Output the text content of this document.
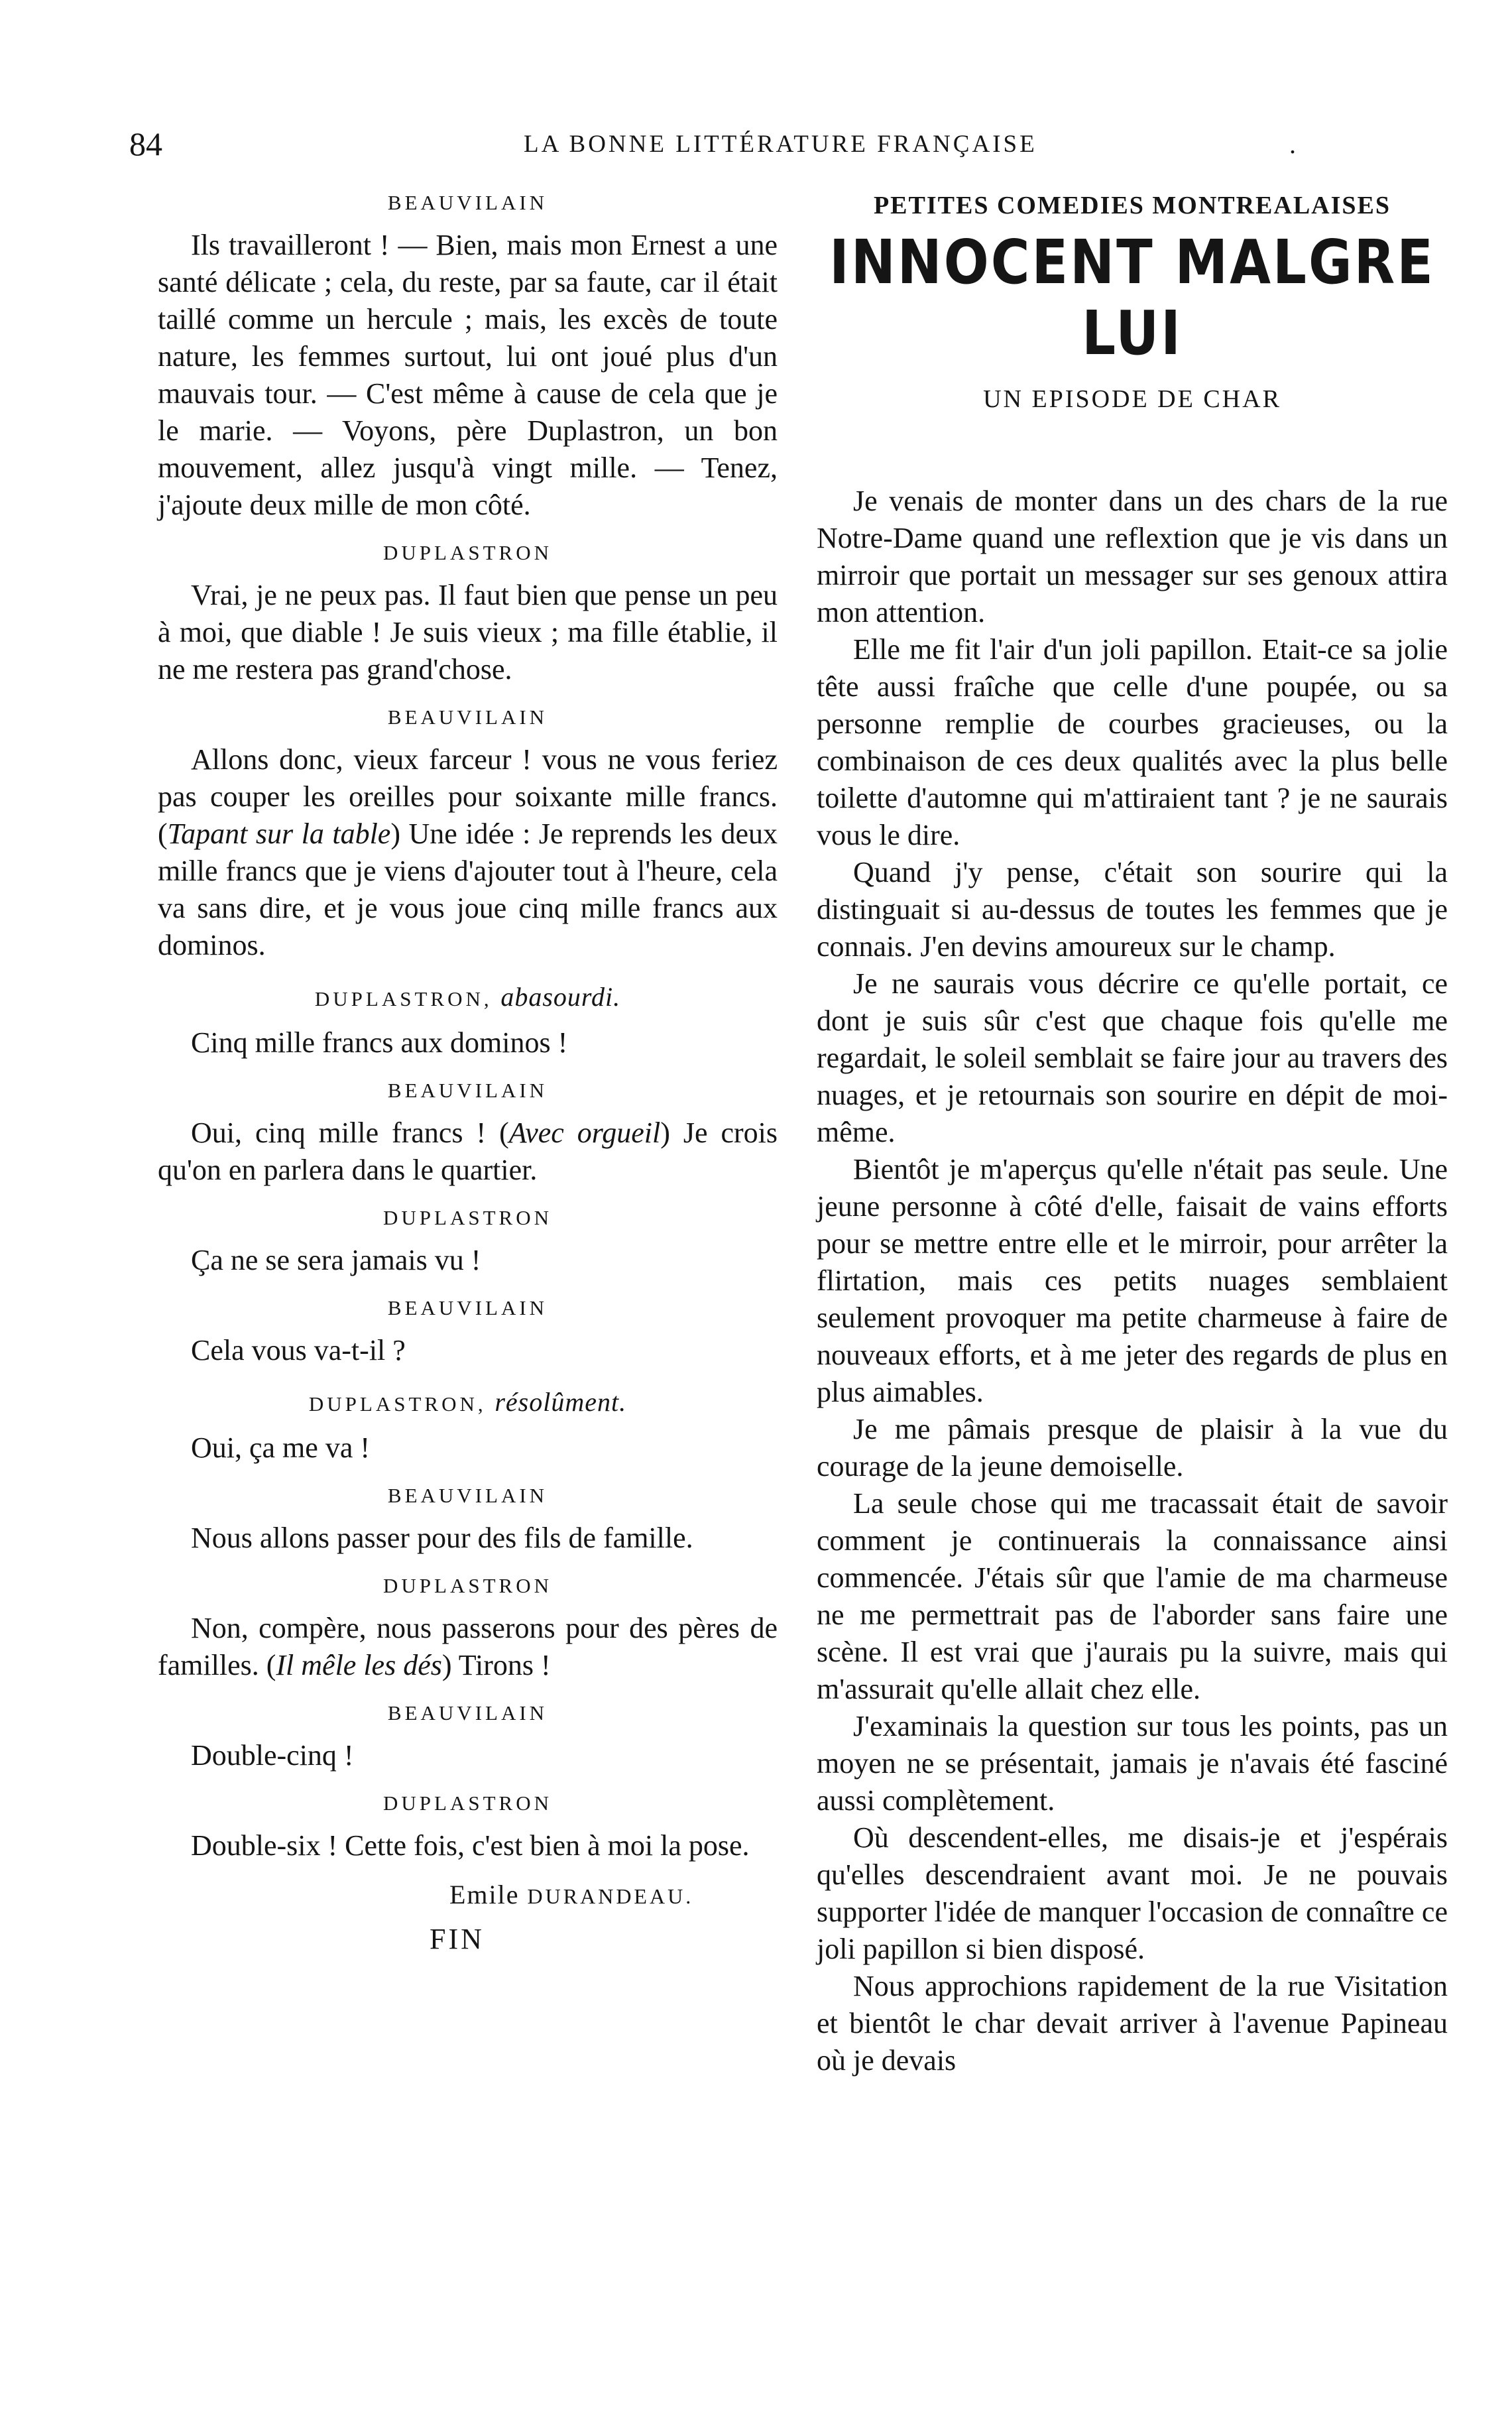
84	LA BONNE LITTÉRATURE FRANÇAISE	.
BEAUVILAIN

Ils travailleront ! — Bien, mais mon Ernest a une santé délicate ; cela, du reste, par sa faute, car il était taillé comme un hercule ; mais, les excès de toute nature, les femmes surtout, lui ont joué plus d'un mauvais tour. — C'est même à cause de cela que je le marie. — Voyons, père Duplastron, un bon mouvement, allez jusqu'à vingt mille. — Tenez, j'ajoute deux mille de mon côté.

DUPLASTRON

Vrai, je ne peux pas. Il faut bien que pense un peu à moi, que diable ! Je suis vieux ; ma fille établie, il ne me restera pas grand'chose.

BEAUVILAIN

Allons donc, vieux farceur ! vous ne vous feriez pas couper les oreilles pour soixante mille francs. (Tapant sur la table) Une idée : Je reprends les deux mille francs que je viens d'ajouter tout à l'heure, cela va sans dire, et je vous joue cinq mille francs aux dominos.

DUPLASTRON, abasourdi.

Cinq mille francs aux dominos !

BEAUVILAIN

Oui, cinq mille francs ! (Avec orgueil) Je crois qu'on en parlera dans le quartier.

DUPLASTRON

Ça ne se sera jamais vu !

BEAUVILAIN

Cela vous va-t-il ?

DUPLASTRON, résolûment.

Oui, ça me va !

BEAUVILAIN

Nous allons passer pour des fils de famille.

DUPLASTRON

Non, compère, nous passerons pour des pères de familles. (Il mêle les dés) Tirons !

BEAUVILAIN

Double-cinq !

DUPLASTRON

Double-six ! Cette fois, c'est bien à moi la pose.

Emile DURANDEAU.
FIN

PETITES COMEDIES MONTREALAISES

INNOCENT MALGRE LUI

UN EPISODE DE CHAR

Je venais de monter dans un des chars de la rue Notre-Dame quand une reflextion que je vis dans un mirroir que portait un messager sur ses genoux attira mon attention.

Elle me fit l'air d'un joli papillon. Etait-ce sa jolie tête aussi fraîche que celle d'une poupée, ou sa personne remplie de courbes gracieuses, ou la combinaison de ces deux qualités avec la plus belle toilette d'automne qui m'attiraient tant ? je ne saurais vous le dire.

Quand j'y pense, c'était son sourire qui la distinguait si au-dessus de toutes les femmes que je connais. J'en devins amoureux sur le champ.

Je ne saurais vous décrire ce qu'elle portait, ce dont je suis sûr c'est que chaque fois qu'elle me regardait, le soleil semblait se faire jour au travers des nuages, et je retournais son sourire en dépit de moi-même.

Bientôt je m'aperçus qu'elle n'était pas seule. Une jeune personne à côté d'elle, faisait de vains efforts pour se mettre entre elle et le mirroir, pour arrêter la flirtation, mais ces petits nuages semblaient seulement provoquer ma petite charmeuse à faire de nouveaux efforts, et à me jeter des regards de plus en plus aimables.

Je me pâmais presque de plaisir à la vue du courage de la jeune demoiselle.

La seule chose qui me tracassait était de savoir comment je continuerais la connaissance ainsi commencée. J'étais sûr que l'amie de ma charmeuse ne me permettrait pas de l'aborder sans faire une scène. Il est vrai que j'aurais pu la suivre, mais qui m'assurait qu'elle allait chez elle.

J'examinais la question sur tous les points, pas un moyen ne se présentait, jamais je n'avais été fasciné aussi complètement.

Où descendent-elles, me disais-je et j'espérais qu'elles descendraient avant moi. Je ne pouvais supporter l'idée de manquer l'occasion de connaître ce joli papillon si bien disposé.

Nous approchions rapidement de la rue Visitation et bientôt le char devait arriver à l'avenue Papineau où je devais
